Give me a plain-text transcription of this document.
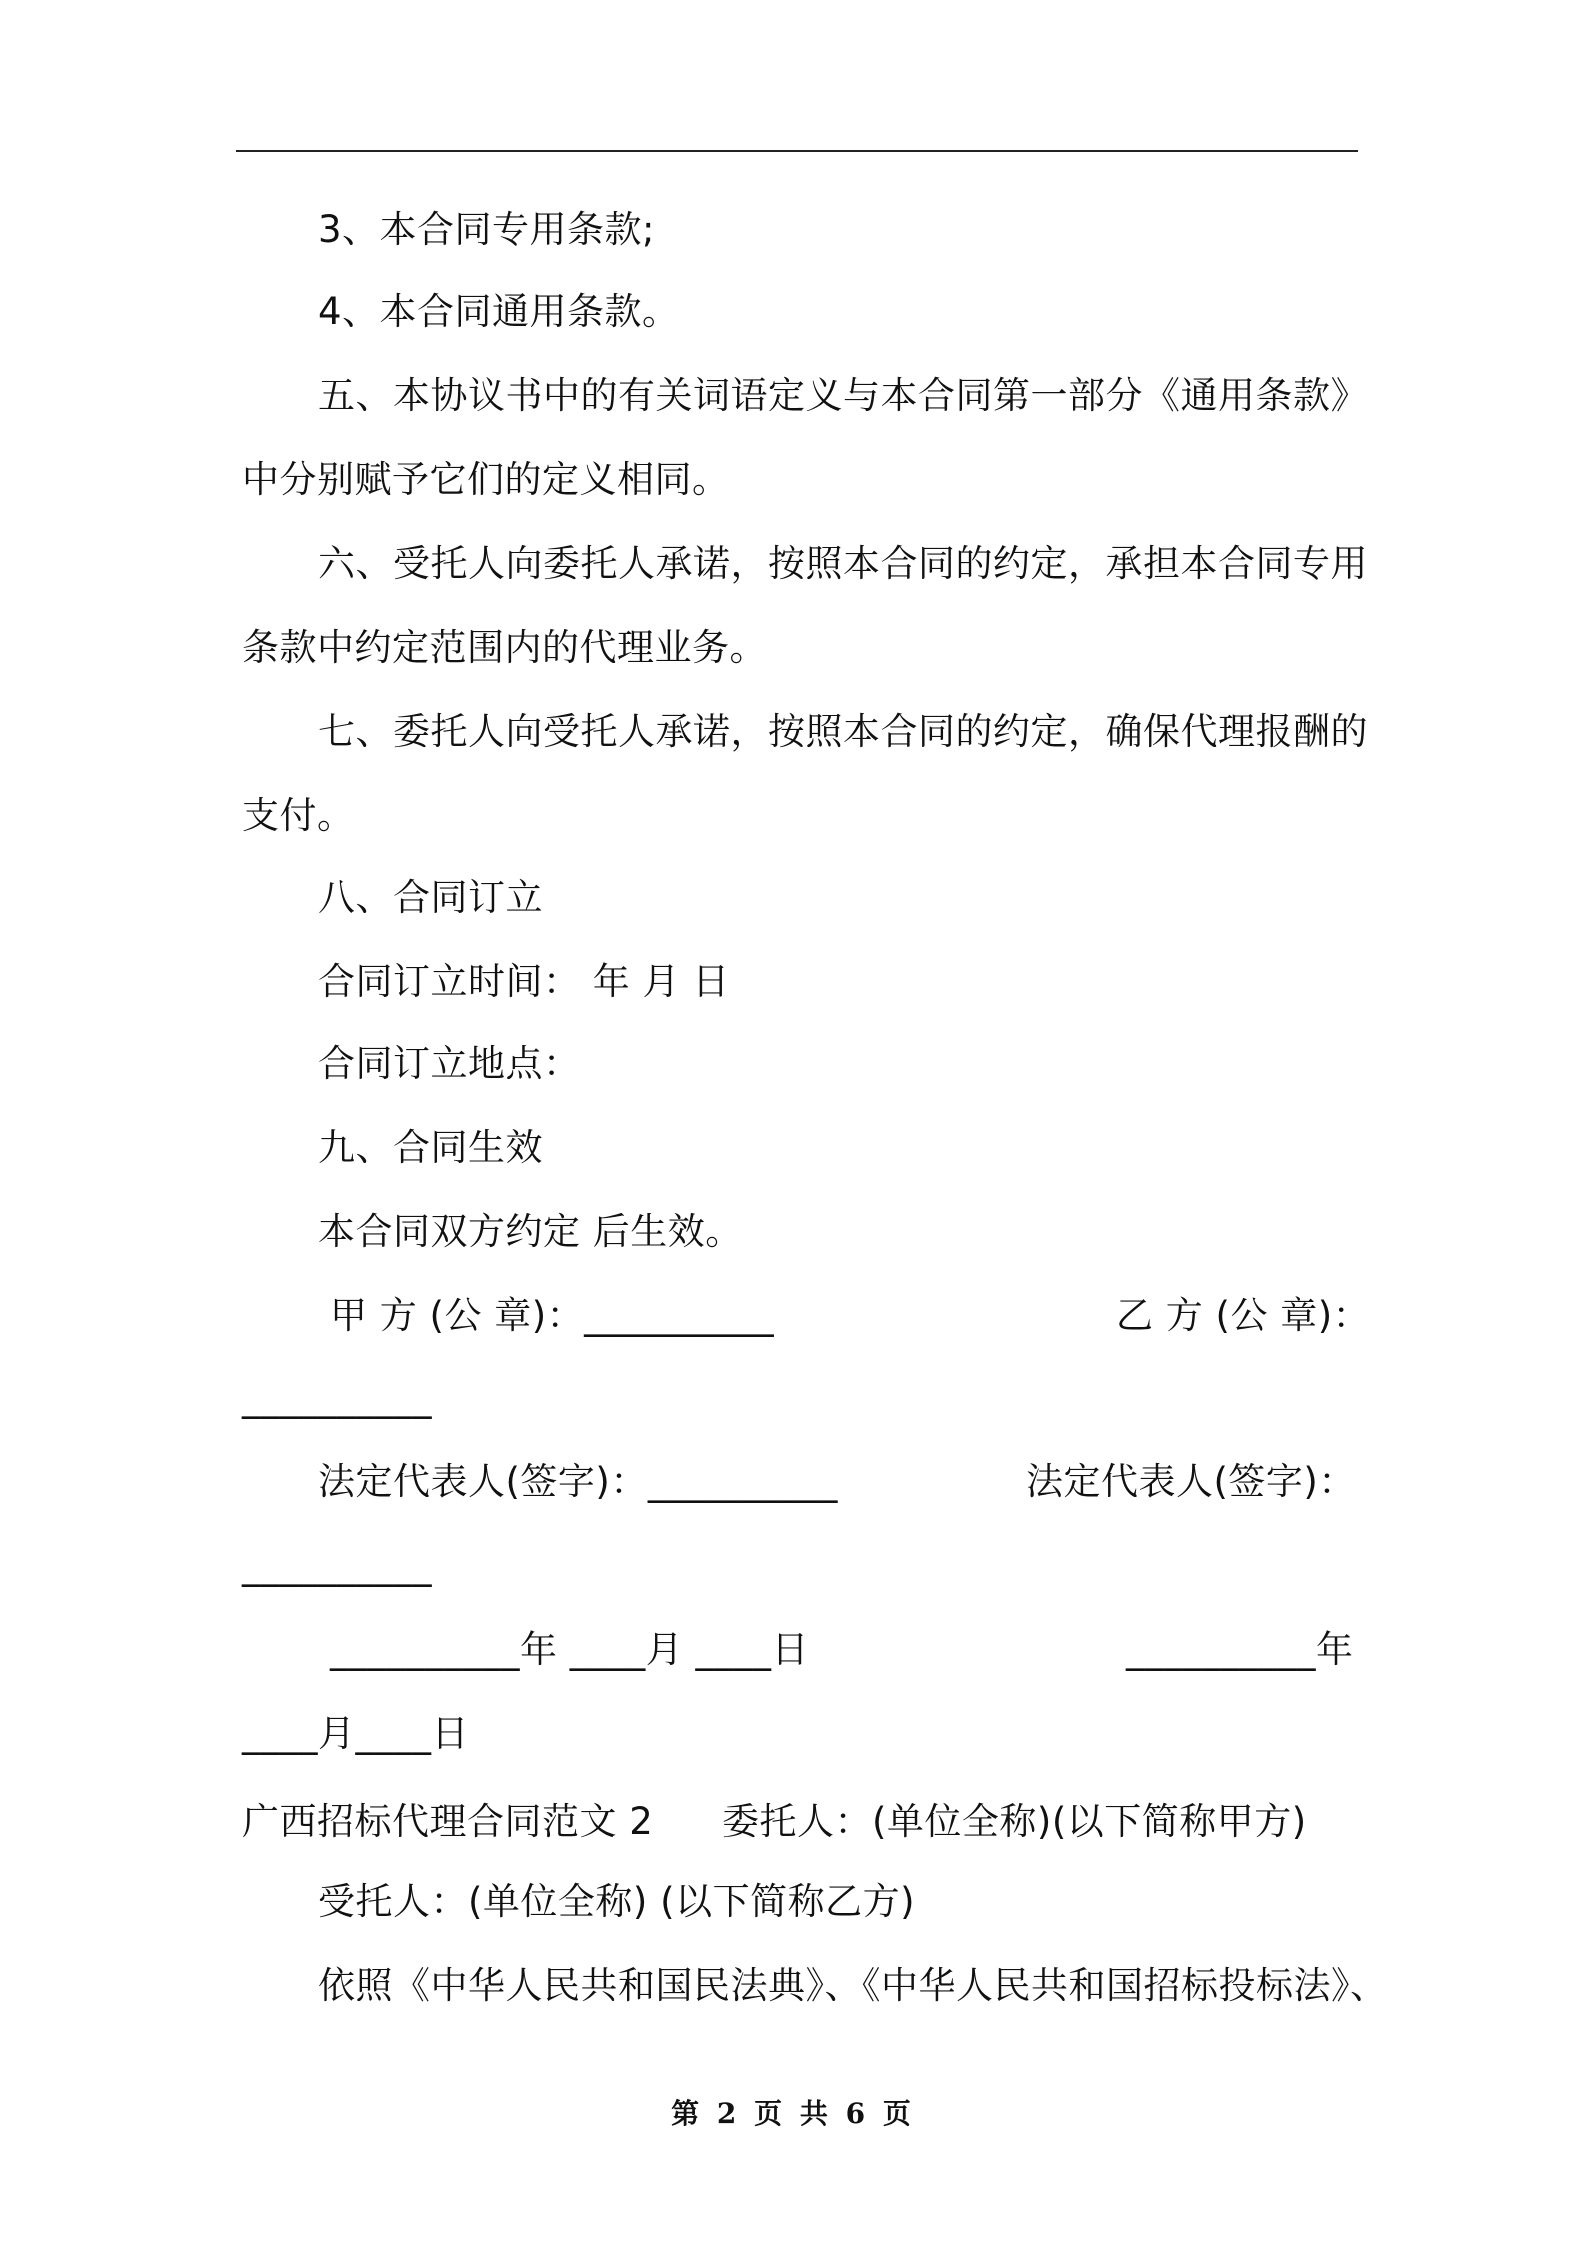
3、本合同专用条款;
4、本合同通用条款。
五、本协议书中的有关词语定义与本合同第一部分《通用条款》
中分别赋予它们的定义相同。
六、受托人向委托人承诺，按照本合同的约定，承担本合同专用
条款中约定范围内的代理业务。
七、委托人向受托人承诺，按照本合同的约定，确保代理报酬的
支付。
八、合同订立
合同订立时间： 年 月 日
合同订立地点：
九、合同生效
本合同双方约定 后生效。
甲 方 (公 章)：__________	乙 方 (公 章)：
__________
法定代表人(签字)：__________	法定代表人(签字)：
__________
__________年 ____月 ____日	__________年
____月____日
广西招标代理合同范文 2 委托人：(单位全称)(以下简称甲方)
受托人：(单位全称) (以下简称乙方)
依照《中华人民共和国民法典》、《中华人民共和国招标投标法》、
第 2 页 共 6 页
